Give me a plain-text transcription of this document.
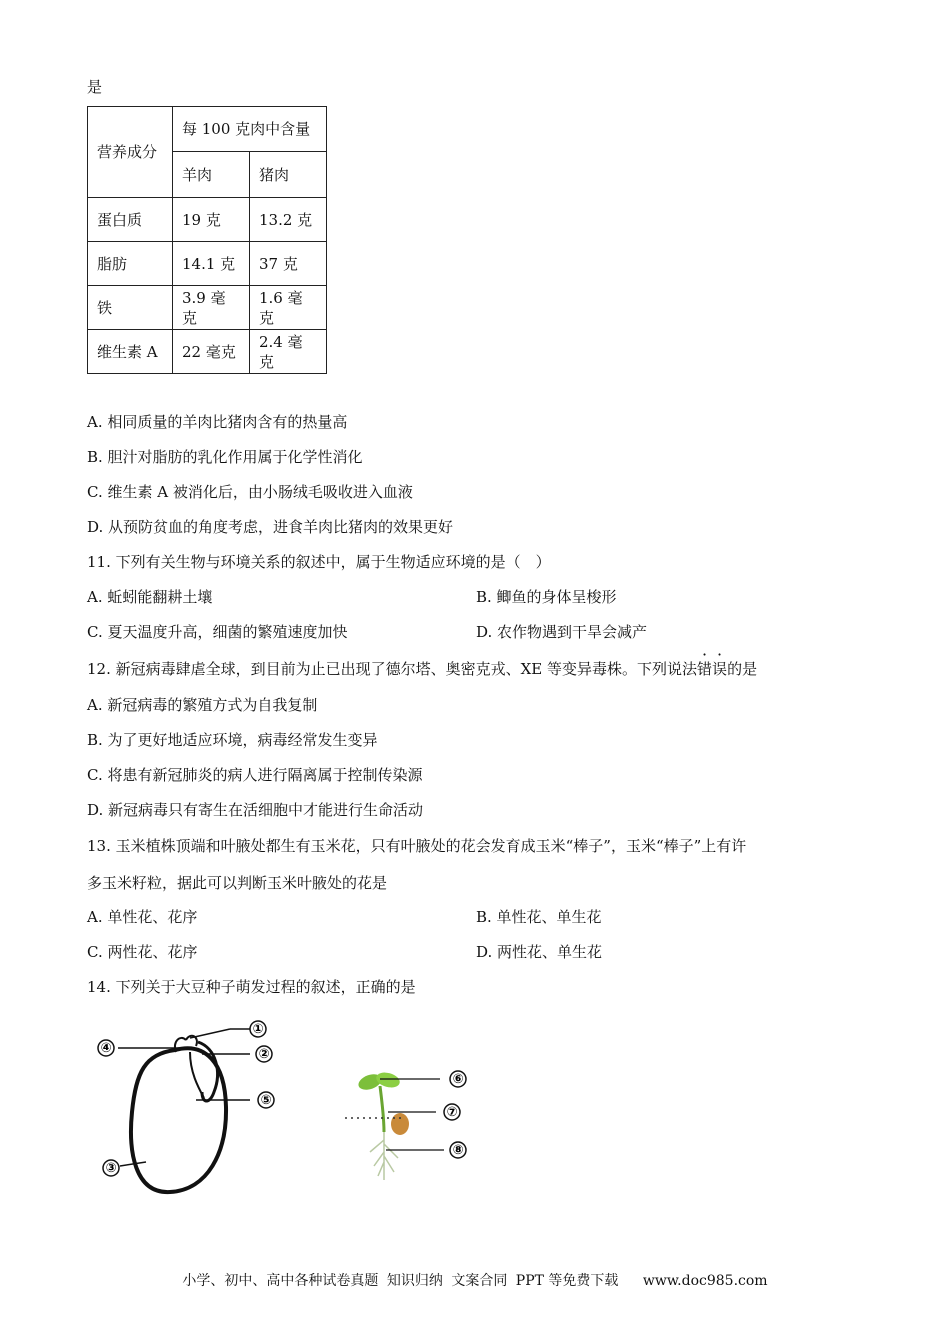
是
营养成分	每 100 克肉中含量	
	羊肉	猪肉
蛋白质	19 克	13.2 克
脂肪	14.1 克	37 克
铁	3.9 毫克	1.6 毫克
维生素 A	22 毫克	2.4 毫克
A. 相同质量的羊肉比猪肉含有的热量高
B. 胆汁对脂肪的乳化作用属于化学性消化
C. 维生素 A 被消化后，由小肠绒毛吸收进入血液
D. 从预防贫血的角度考虑，进食羊肉比猪肉的效果更好
11. 下列有关生物与环境关系的叙述中，属于生物适应环境的是（　）
A. 蚯蚓能翻耕土壤	B. 鲫鱼的身体呈梭形
C. 夏天温度升高，细菌的繁殖速度加快	D. 农作物遇到干旱会减产
12. 新冠病毒肆虐全球，到目前为止已出现了德尔塔、奥密克戎、XE 等变异毒株。下列说法错误的是
A. 新冠病毒的繁殖方式为自我复制
B. 为了更好地适应环境，病毒经常发生变异
C. 将患有新冠肺炎的病人进行隔离属于控制传染源
D. 新冠病毒只有寄生在活细胞中才能进行生命活动
13. 玉米植株顶端和叶腋处都生有玉米花，只有叶腋处的花会发育成玉米“棒子”，玉米“棒子”上有许
多玉米籽粒，据此可以判断玉米叶腋处的花是
A. 单性花、花序	B. 单性花、单生花
C. 两性花、花序	D. 两性花、单生花
14. 下列关于大豆种子萌发过程的叙述，正确的是
①
②
④
⑤
③
⑥
⑦
⑧
小学、初中、高中各种试卷真题 知识归纳 文案合同 PPT 等免费下载 www.doc985.com
